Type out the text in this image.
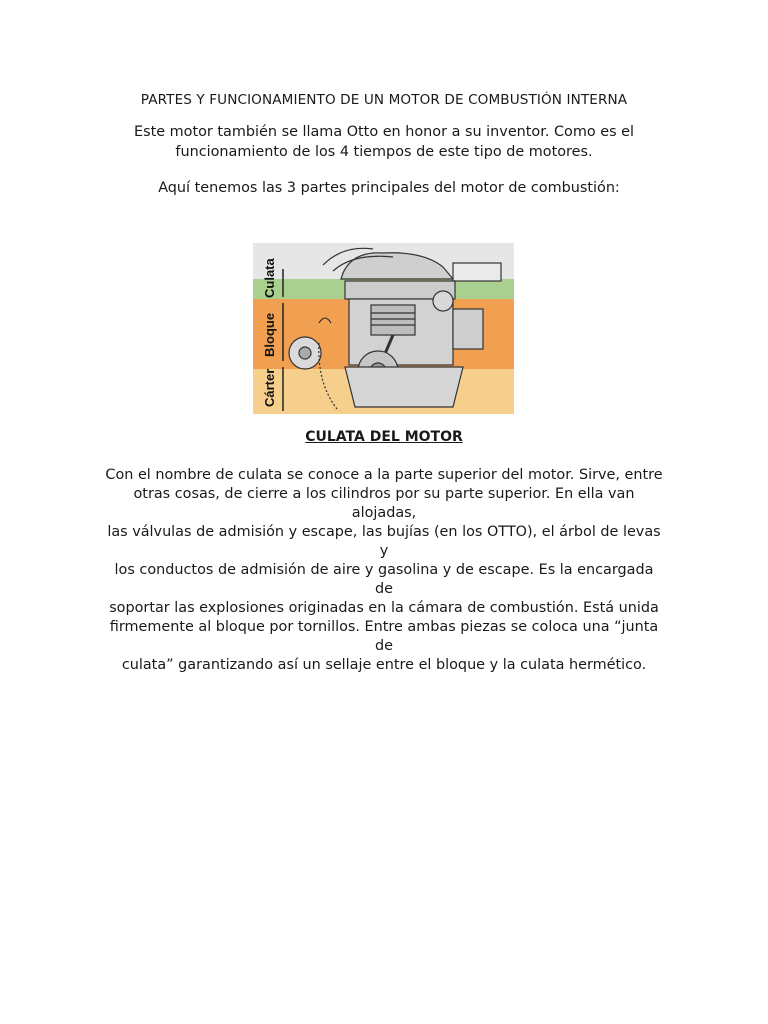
PARTES Y FUNCIONAMIENTO DE UN MOTOR DE COMBUSTIÓN INTERNA
Este motor también se llama Otto en honor a su inventor. Como es el
funcionamiento de los 4 tiempos de este tipo de motores.
Aquí tenemos las 3 partes principales del motor de combustión:
Culata
Bloque
Cárter
CULATA DEL MOTOR
Con el nombre de culata se conoce a la parte superior del motor. Sirve, entre
otras cosas, de cierre a los cilindros por su parte superior. En ella van alojadas,
las válvulas de admisión y escape, las bujías (en los OTTO), el árbol de levas y
los conductos de admisión de aire y gasolina y de escape. Es la encargada de
soportar las explosiones originadas en la cámara de combustión. Está unida
firmemente al bloque por tornillos. Entre ambas piezas se coloca una “junta de
culata” garantizando así un sellaje entre el bloque y la culata hermético.
